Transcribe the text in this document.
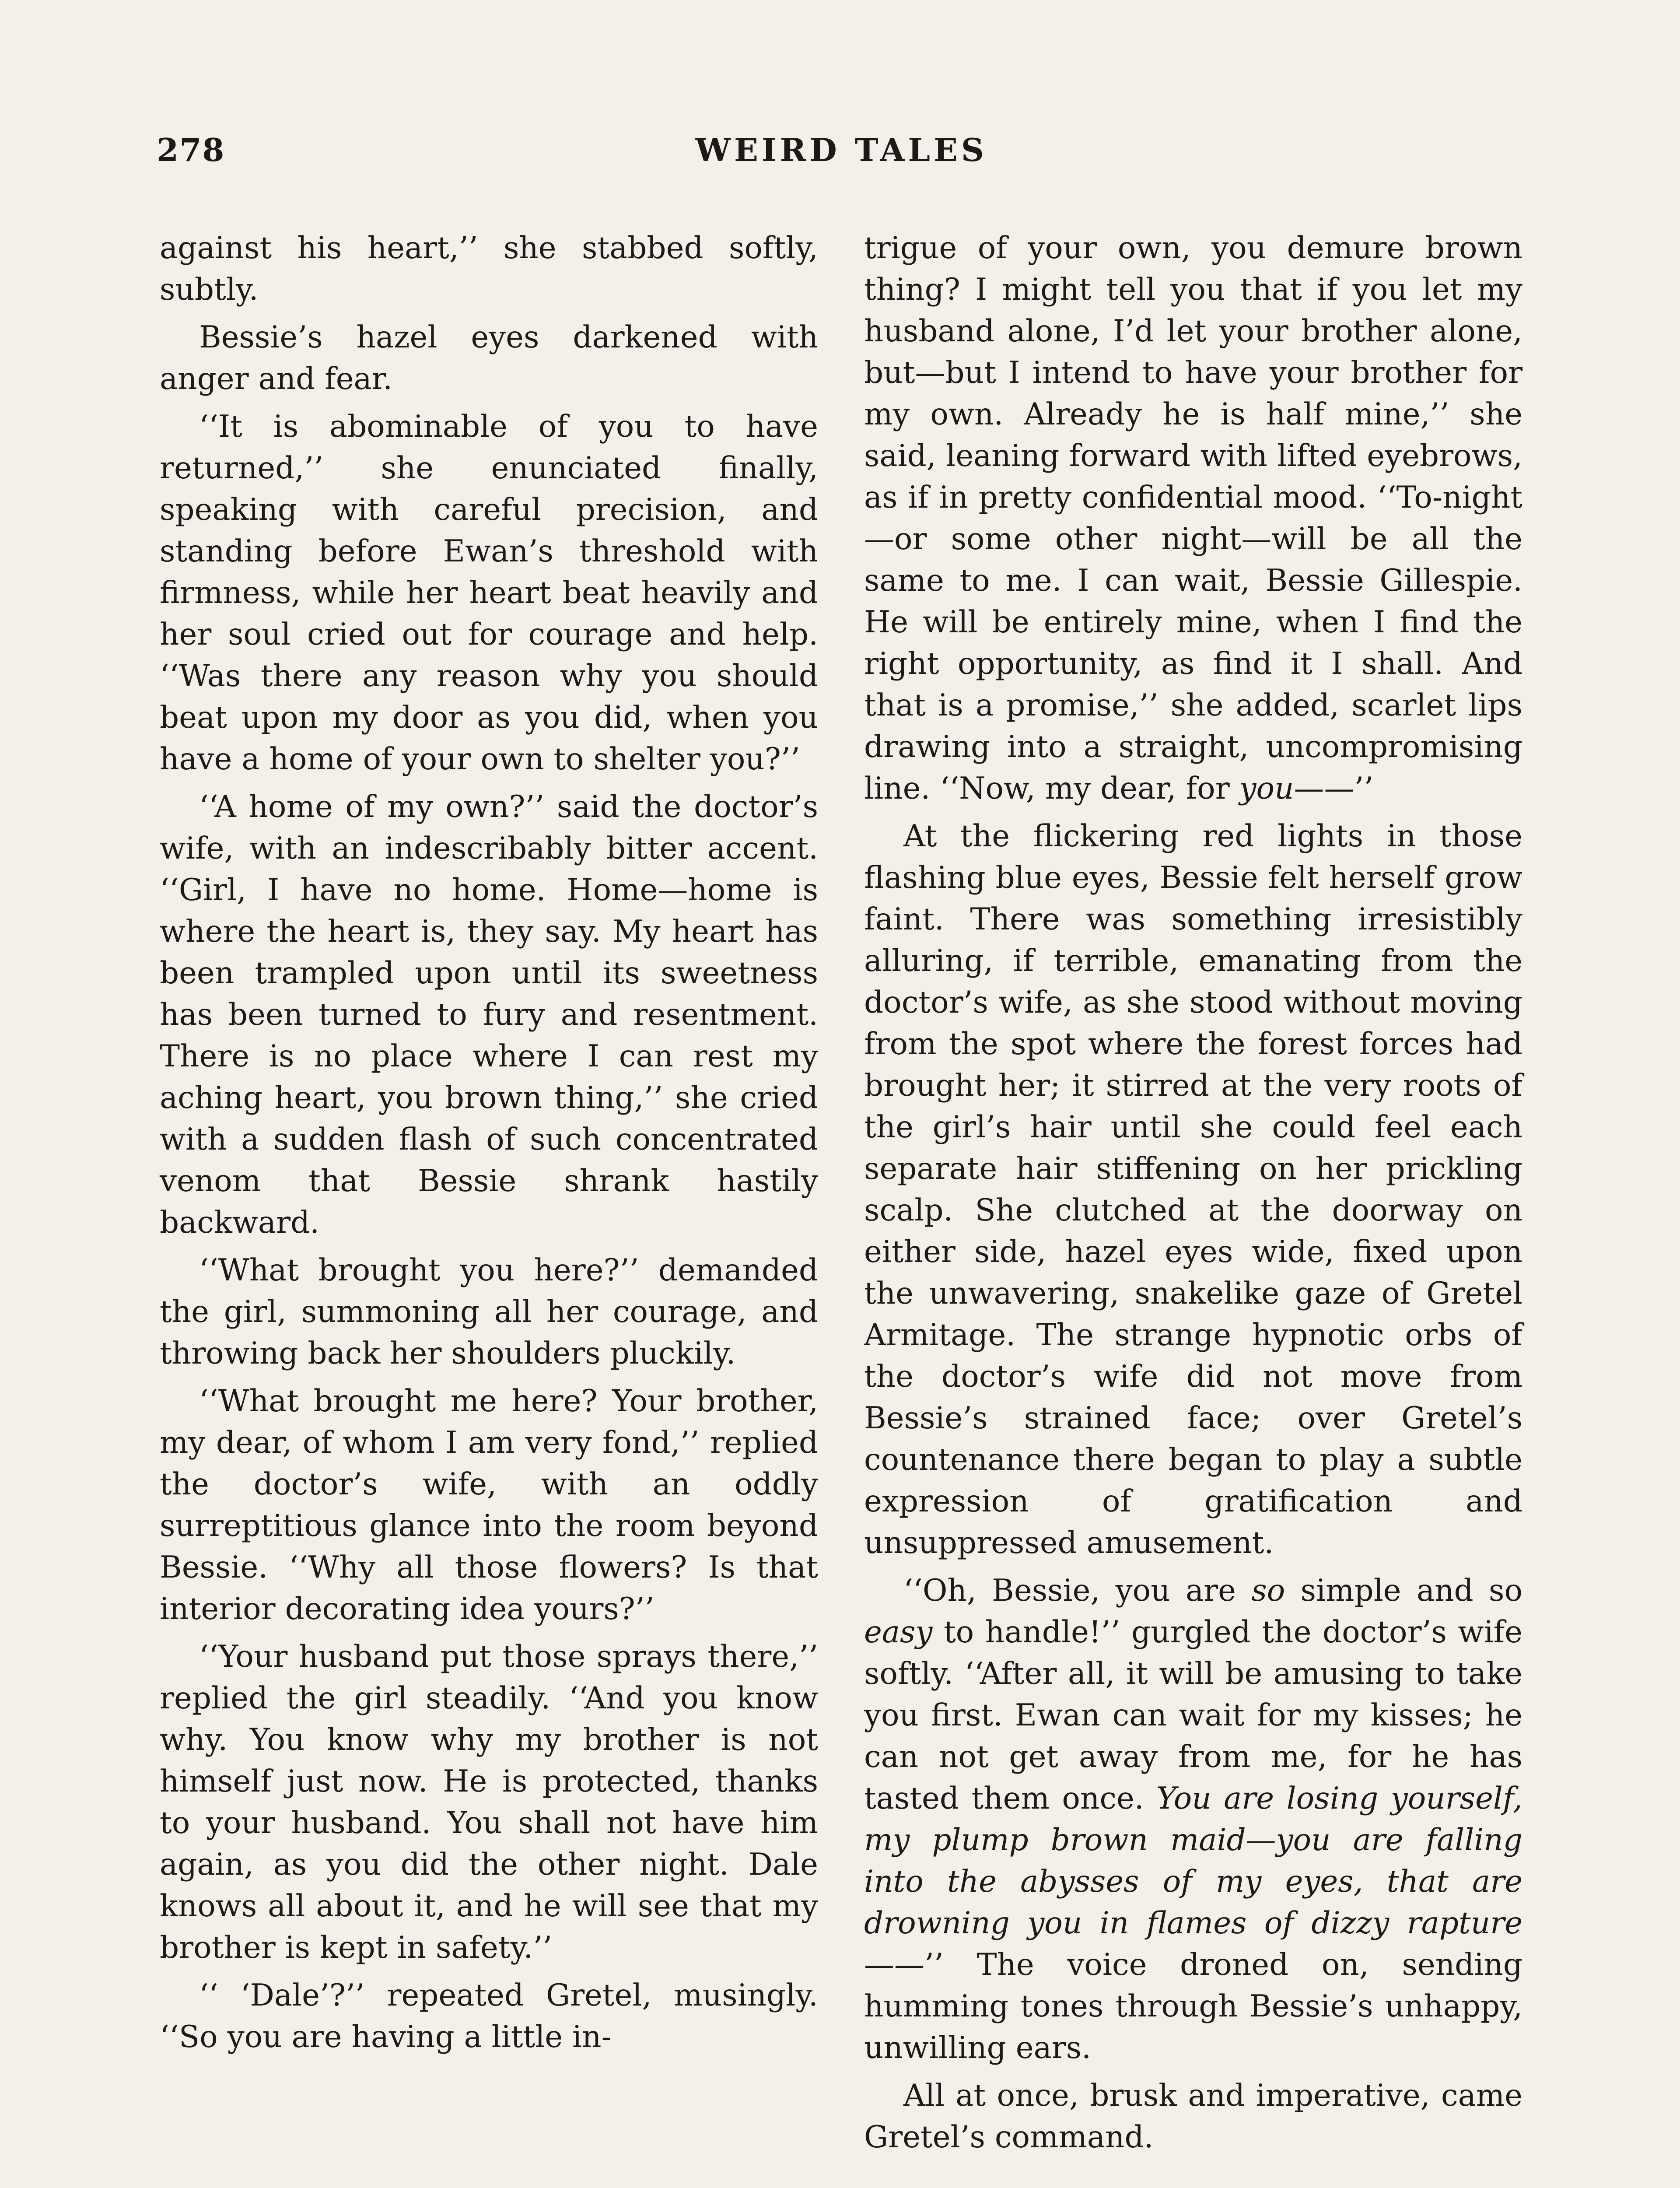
278	WEIRD TALES

against his heart,’’ she stabbed softly, subtly.

Bessie’s hazel eyes darkened with anger and fear.

‘‘It is abominable of you to have returned,’’ she enunciated finally, speaking with careful precision, and standing before Ewan’s threshold with firmness, while her heart beat heavily and her soul cried out for courage and help. ‘‘Was there any reason why you should beat upon my door as you did, when you have a home of your own to shelter you?’’

‘‘A home of my own?’’ said the doctor’s wife, with an indescribably bitter accent. ‘‘Girl, I have no home. Home—home is where the heart is, they say. My heart has been trampled upon until its sweetness has been turned to fury and resentment. There is no place where I can rest my aching heart, you brown thing,’’ she cried with a sudden flash of such concentrated venom that Bessie shrank hastily backward.

‘‘What brought you here?’’ demanded the girl, summoning all her courage, and throwing back her shoulders pluckily.

‘‘What brought me here? Your brother, my dear, of whom I am very fond,’’ replied the doctor’s wife, with an oddly surreptitious glance into the room beyond Bessie. ‘‘Why all those flowers? Is that interior decorating idea yours?’’

‘‘Your husband put those sprays there,’’ replied the girl steadily. ‘‘And you know why. You know why my brother is not himself just now. He is protected, thanks to your husband. You shall not have him again, as you did the other night. Dale knows all about it, and he will see that my brother is kept in safety.’’

‘‘ ‘Dale’?’’ repeated Gretel, musingly. ‘‘So you are having a little in-

trigue of your own, you demure brown thing? I might tell you that if you let my husband alone, I’d let your brother alone, but—but I intend to have your brother for my own. Already he is half mine,’’ she said, leaning forward with lifted eyebrows, as if in pretty confidential mood. ‘‘To-night—or some other night—will be all the same to me. I can wait, Bessie Gillespie. He will be entirely mine, when I find the right opportunity, as find it I shall. And that is a promise,’’ she added, scarlet lips drawing into a straight, uncompromising line. ‘‘Now, my dear, for you——’’

At the flickering red lights in those flashing blue eyes, Bessie felt herself grow faint. There was something irresistibly alluring, if terrible, emanating from the doctor’s wife, as she stood without moving from the spot where the forest forces had brought her; it stirred at the very roots of the girl’s hair until she could feel each separate hair stiffening on her prickling scalp. She clutched at the doorway on either side, hazel eyes wide, fixed upon the unwavering, snakelike gaze of Gretel Armitage. The strange hypnotic orbs of the doctor’s wife did not move from Bessie’s strained face; over Gretel’s countenance there began to play a subtle expression of gratification and unsuppressed amusement.

‘‘Oh, Bessie, you are so simple and so easy to handle!’’ gurgled the doctor’s wife softly. ‘‘After all, it will be amusing to take you first. Ewan can wait for my kisses; he can not get away from me, for he has tasted them once. You are losing yourself, my plump brown maid—you are falling into the abysses of my eyes, that are drowning you in flames of dizzy rapture——’’ The voice droned on, sending humming tones through Bessie’s unhappy, unwilling ears.

All at once, brusk and imperative, came Gretel’s command.
